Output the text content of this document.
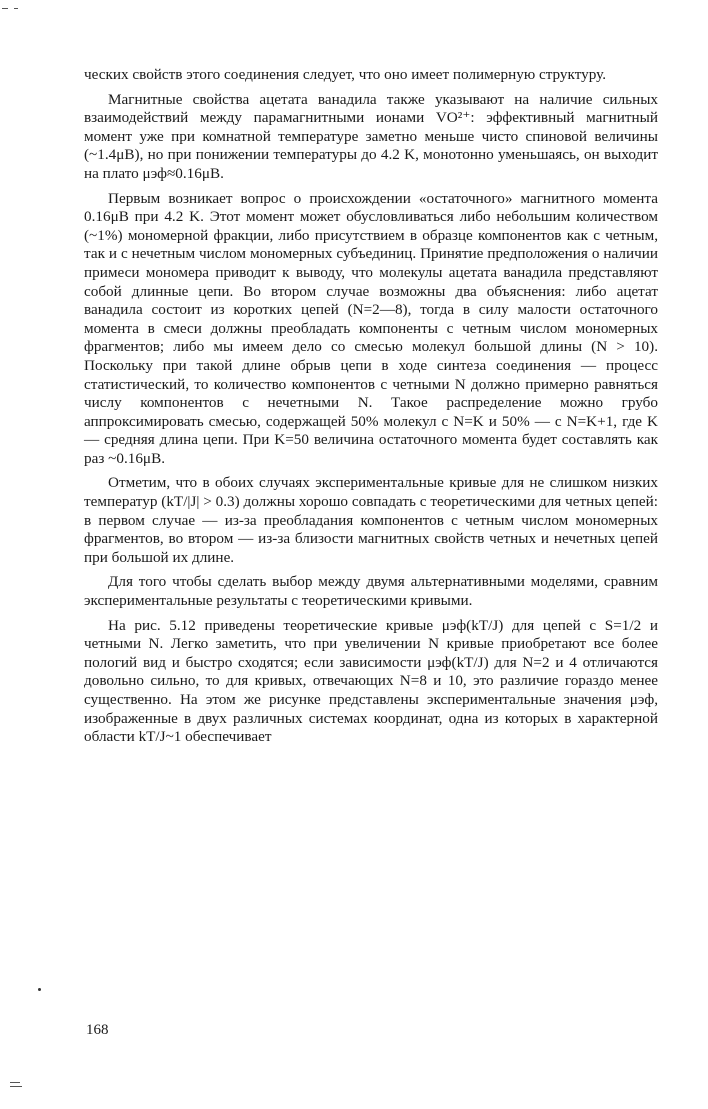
ческих свойств этого соединения следует, что оно имеет полимерную структуру.

Магнитные свойства ацетата ванадила также указывают на наличие сильных взаимодействий между парамагнитными ионами VO²⁺: эффективный магнитный момент уже при комнатной температуре заметно меньше чисто спиновой величины (~1.4μB), но при понижении температуры до 4.2 K, монотонно уменьшаясь, он выходит на плато μэф≈0.16μB.

Первым возникает вопрос о происхождении «остаточного» магнитного момента 0.16μB при 4.2 K. Этот момент может обусловливаться либо небольшим количеством (~1%) мономерной фракции, либо присутствием в образце компонентов как с четным, так и с нечетным числом мономерных субъединиц. Принятие предположения о наличии примеси мономера приводит к выводу, что молекулы ацетата ванадила представляют собой длинные цепи. Во втором случае возможны два объяснения: либо ацетат ванадила состоит из коротких цепей (N=2—8), тогда в силу малости остаточного момента в смеси должны преобладать компоненты с четным числом мономерных фрагментов; либо мы имеем дело со смесью молекул большой длины (N > 10). Поскольку при такой длине обрыв цепи в ходе синтеза соединения — процесс статистический, то количество компонентов с четными N должно примерно равняться числу компонентов с нечетными N. Такое распределение можно грубо аппроксимировать смесью, содержащей 50% молекул с N=K и 50% — с N=K+1, где K — средняя длина цепи. При K=50 величина остаточного момента будет составлять как раз ~0.16μB.

Отметим, что в обоих случаях экспериментальные кривые для не слишком низких температур (kT/|J| > 0.3) должны хорошо совпадать с теоретическими для четных цепей: в первом случае — из-за преобладания компонентов с четным числом мономерных фрагментов, во втором — из-за близости магнитных свойств четных и нечетных цепей при большой их длине.

Для того чтобы сделать выбор между двумя альтернативными моделями, сравним экспериментальные результаты с теоретическими кривыми.

На рис. 5.12 приведены теоретические кривые μэф(kT/J) для цепей с S=1/2 и четными N. Легко заметить, что при увеличении N кривые приобретают все более пологий вид и быстро сходятся; если зависимости μэф(kT/J) для N=2 и 4 отличаются довольно сильно, то для кривых, отвечающих N=8 и 10, это различие гораздо менее существенно. На этом же рисунке представлены экспериментальные значения μэф, изображенные в двух различных системах координат, одна из которых в характерной области kT/J~1 обеспечивает

168
